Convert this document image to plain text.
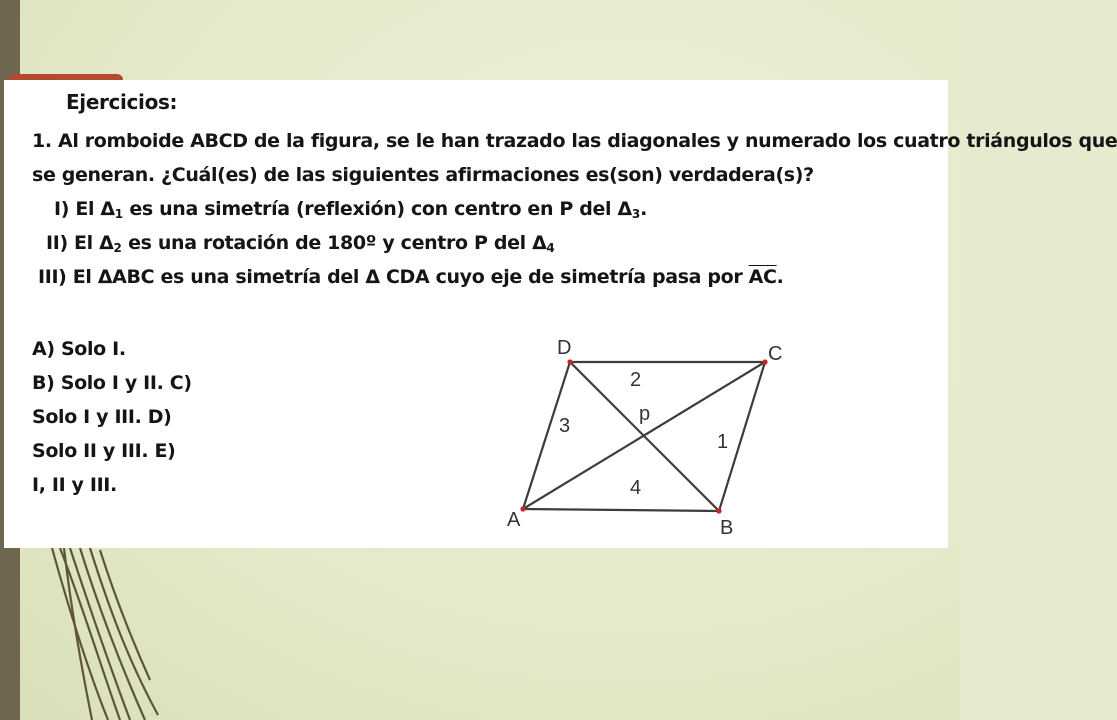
Ejercicios:
1. Al romboide ABCD de la figura, se le han trazado las diagonales y numerado los cuatro triángulos que
se generan. ¿Cuál(es) de las siguientes afirmaciones es(son) verdadera(s)?
I) El $\Delta_1$ es una simetría (reflexión) con centro en P del $\Delta_3$.
II) El $\Delta_2$ es una rotación de 180º y centro P del $\Delta_4$
III) El ΔABC es una simetría del Δ CDA cuyo eje de simetría pasa por $\overline{AC}$.
A) Solo I.
B) Solo I y II. C)
Solo I y III. D)
Solo II y III. E)
I, II y III.
D	C
A	B
p
2
3
1
4
